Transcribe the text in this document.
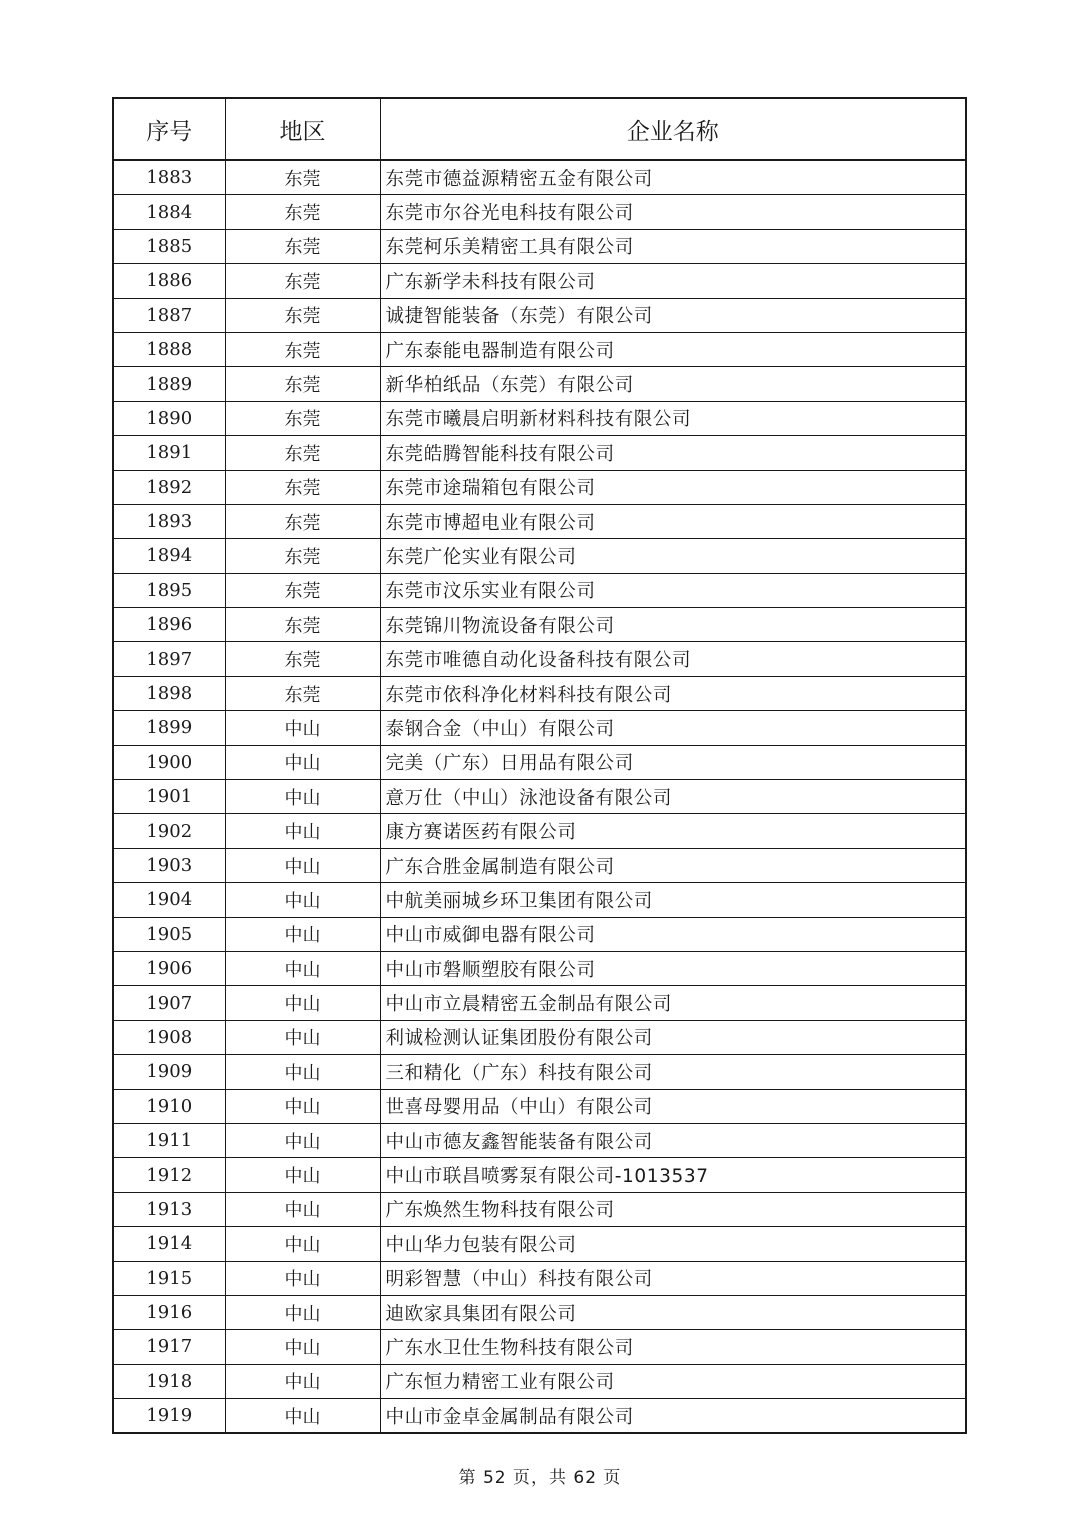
序号	地区	企业名称
1883	东莞	东莞市德益源精密五金有限公司
1884	东莞	东莞市尔谷光电科技有限公司
1885	东莞	东莞柯乐美精密工具有限公司
1886	东莞	广东新学未科技有限公司
1887	东莞	诚捷智能装备（东莞）有限公司
1888	东莞	广东泰能电器制造有限公司
1889	东莞	新华柏纸品（东莞）有限公司
1890	东莞	东莞市曦晨启明新材料科技有限公司
1891	东莞	东莞皓腾智能科技有限公司
1892	东莞	东莞市途瑞箱包有限公司
1893	东莞	东莞市博超电业有限公司
1894	东莞	东莞广伦实业有限公司
1895	东莞	东莞市汶乐实业有限公司
1896	东莞	东莞锦川物流设备有限公司
1897	东莞	东莞市唯德自动化设备科技有限公司
1898	东莞	东莞市依科净化材料科技有限公司
1899	中山	泰钢合金（中山）有限公司
1900	中山	完美（广东）日用品有限公司
1901	中山	意万仕（中山）泳池设备有限公司
1902	中山	康方赛诺医药有限公司
1903	中山	广东合胜金属制造有限公司
1904	中山	中航美丽城乡环卫集团有限公司
1905	中山	中山市威御电器有限公司
1906	中山	中山市磐顺塑胶有限公司
1907	中山	中山市立晨精密五金制品有限公司
1908	中山	利诚检测认证集团股份有限公司
1909	中山	三和精化（广东）科技有限公司
1910	中山	世喜母婴用品（中山）有限公司
1911	中山	中山市德友鑫智能装备有限公司
1912	中山	中山市联昌喷雾泵有限公司-1013537
1913	中山	广东焕然生物科技有限公司
1914	中山	中山华力包装有限公司
1915	中山	明彩智慧（中山）科技有限公司
1916	中山	迪欧家具集团有限公司
1917	中山	广东水卫仕生物科技有限公司
1918	中山	广东恒力精密工业有限公司
1919	中山	中山市金卓金属制品有限公司
第 52 页，共 62 页
